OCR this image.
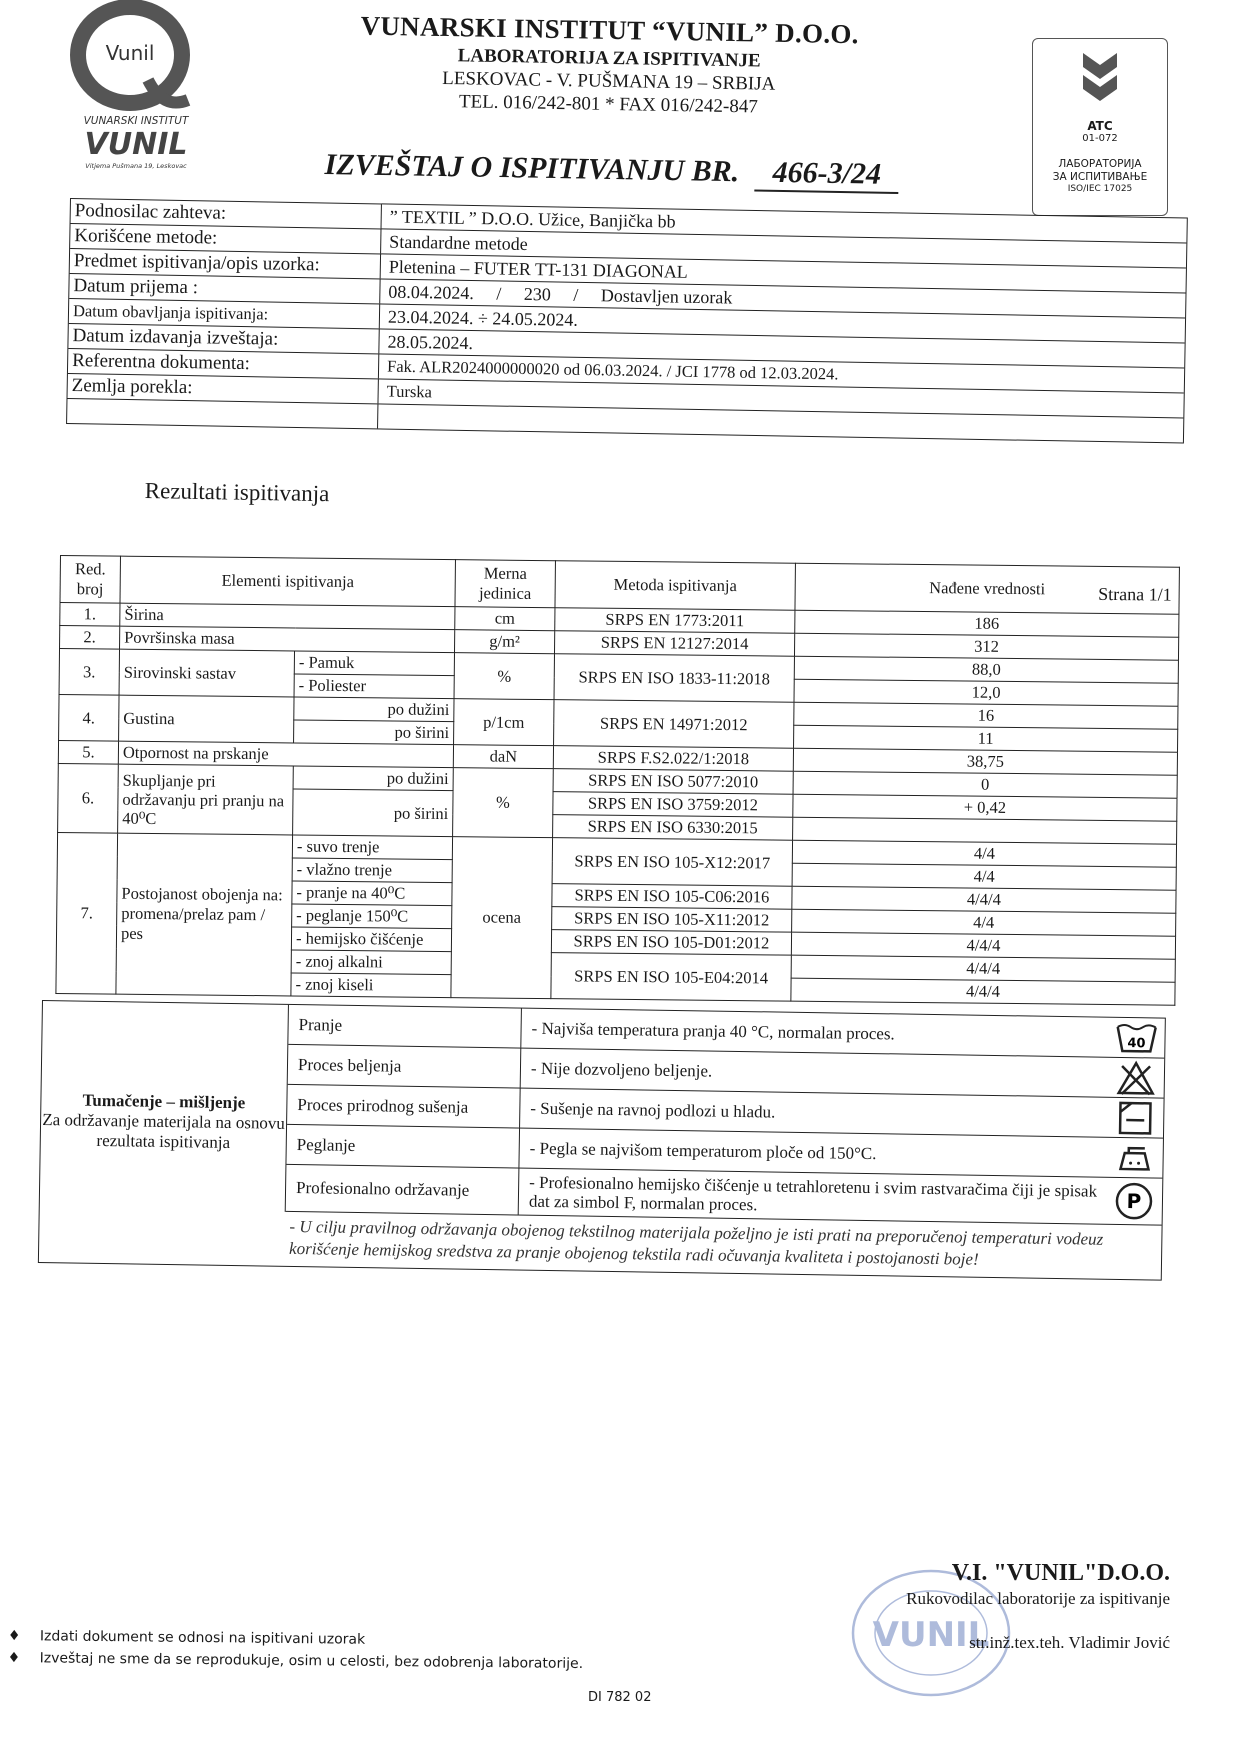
Vunil
VUNARSKI INSTITUT
VUNIL
Vitjema Pušmana 19, Leskovac
VUNARSKI INSTITUT “VUNIL” D.O.O.
LABORATORIJA ZA ISPITIVANJE
LESKOVAC - V. PUŠMANA 19 – SRBIJA
TEL. 016/242-801 * FAX 016/242-847
IZVEŠTAJ O ISPITIVANJU BR. 466-3/24
ATC
01-072
ЛАБОРАТОРИЈА
ЗА ИСПИТИВАЊЕ
ISO/IEC 17025
Podnosilac zahteva:	” TEXTIL ” D.O.O. Užice, Banjička bb
Korišćene metode:	Standardne metode
Predmet ispitivanja/opis uzorka:	Pletenina – FUTER TT-131 DIAGONAL
Datum prijema :	08.04.2024.     /     230     /     Dostavljen uzorak
Datum obavljanja ispitivanja:	23.04.2024. ÷ 24.05.2024.
Datum izdavanja izveštaja:	28.05.2024.
Referentna dokumenta:	Fak. ALR2024000000020 od 06.03.2024. / JCI 1778 od 12.03.2024.
Zemlja porekla:	Turska
Rezultati ispitivanja
Strana 1/1
Red. broj	Elementi ispitivanja		Merna jedinica	Metoda ispitivanja	Nađene vrednosti
1.	Širina		cm	SRPS EN 1773:2011	186
2.	Površinska masa		g/m²	SRPS EN 12127:2014	312
3.	Sirovinski sastav	- Pamuk	%	SRPS EN ISO 1833-11:2018	88,0
		- Poliester			12,0
4.	Gustina	po dužini	p/1cm	SRPS EN 14971:2012	16
		po širini			11
5.	Otpornost na prskanje		daN	SRPS F.S2.022/1:2018	38,75
6.	Skupljanje pri održavanju pri pranju na 40⁰C	po dužini	%	SRPS EN ISO 5077:2010	0
		po širini		SRPS EN ISO 3759:2012	+ 0,42
				SRPS EN ISO 6330:2015	
7.	Postojanost obojenja na: promena/prelaz pam / pes	- suvo trenje	ocena	SRPS EN ISO 105-X12:2017	4/4
		- vlažno trenje			4/4
		- pranje na 40⁰C		SRPS EN ISO 105-C06:2016	4/4/4
		- peglanje 150⁰C		SRPS EN ISO 105-X11:2012	4/4
		- hemijsko čišćenje		SRPS EN ISO 105-D01:2012	4/4/4
		- znoj alkalni		SRPS EN ISO 105-E04:2014	4/4/4
		- znoj kiseli			4/4/4
Tumačenje – mišljenje
Za održavanje materijala na osnovu rezultata ispitivanja
Pranje	- Najviša temperatura pranja 40 °C, normalan proces.	40
Proces beljenja	- Nije dozvoljeno beljenje.
Proces prirodnog sušenja	- Sušenje na ravnoj podlozi u hladu.
Peglanje	- Pegla se najvišom temperaturom ploče od 150°C.
Profesionalno održavanje	- Profesionalno hemijsko čišćenje u tetrahloretenu i svim rastvaračima čiji je spisak dat za simbol F, normalan proces.	P
- U cilju pravilnog održavanja obojenog tekstilnog materijala poželjno je isti prati na preporučenoj temperaturi vodeuz korišćenje hemijskog sredstva za pranje obojenog tekstila radi očuvanja kvaliteta i postojanosti boje!
VUNIL
V.I. "VUNIL"D.O.O.
Rukovodilac laboratorije za ispitivanje
str.inž.tex.teh. Vladimir Jović
♦ Izdati dokument se odnosi na ispitivani uzorak
♦ Izveštaj ne sme da se reprodukuje, osim u celosti, bez odobrenja laboratorije.
DI 782 02
